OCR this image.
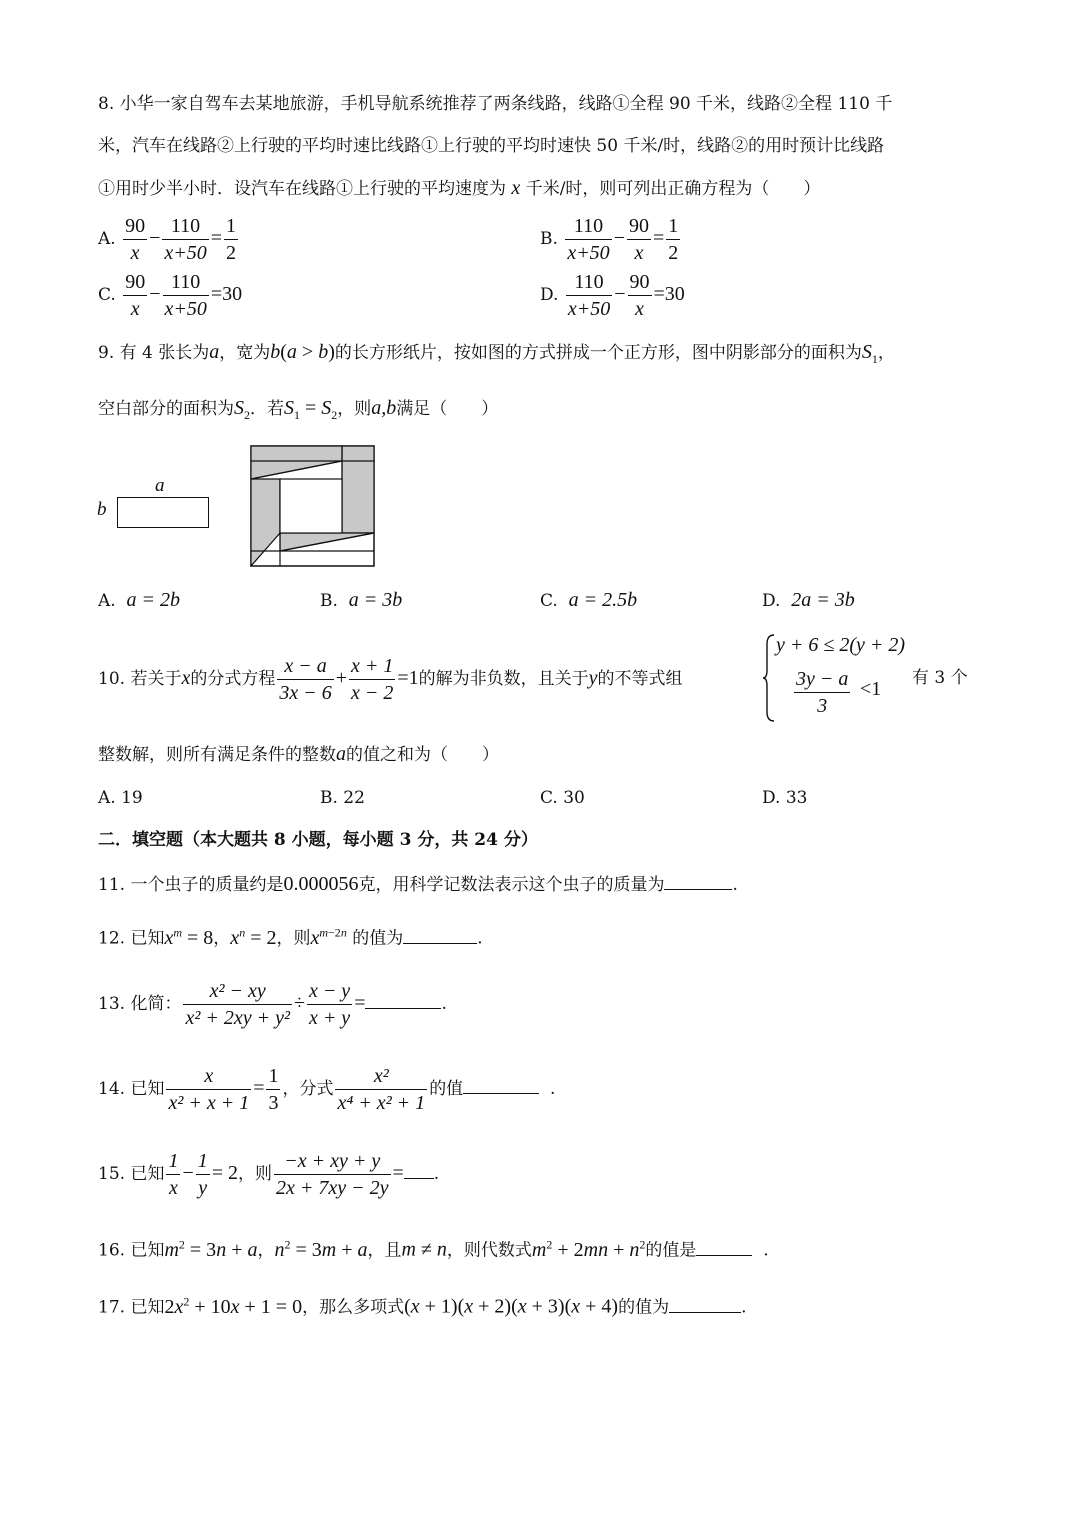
8. 小华一家自驾车去某地旅游，手机导航系统推荐了两条线路，线路①全程 90 千米，线路②全程 110 千
米，汽车在线路②上行驶的平均时速比线路①上行驶的平均时速快 50 千米/时，线路②的用时预计比线路
①用时少半小时．设汽车在线路①上行驶的平均速度为 x 千米/时，则可列出正确方程为（　　）
A. $\frac{90}{x} - \frac{110}{x+50} = \frac{1}{2}$	B. $\frac{110}{x+50} - \frac{90}{x} = \frac{1}{2}$
C. $\frac{90}{x} - \frac{110}{x+50} =30$	D. $\frac{110}{x+50} - \frac{90}{x} =30$
9. 有 4 张长为a，宽为b(a > b)的长方形纸片，按如图的方式拼成一个正方形，图中阴影部分的面积为$S_1$，
空白部分的面积为$S_2$．若$S_1 = S_2$，则a,b满足（　　）
a
b
A. a = 2b	B. a = 3b	C. a = 2.5b	D. 2a = 3b
10. 若关于x的分式方程 $\frac{x - a}{3x - 6} + \frac{x + 1}{x - 2} =1$的解为非负数，且关于y的不等式组
y + 6 ≤ 2(y + 2)
$\frac{3y - a}{3} <1$ 有 3 个
整数解，则所有满足条件的整数a的值之和为（　　）
A. 19	B. 22	C. 30	D. 33
二．填空题（本大题共 8 小题，每小题 3 分，共 24 分）
11. 一个虫子的质量约是0.000056克，用科学记数法表示这个虫子的质量为	.
12. 已知$x^m = 8$，$x^n = 2$，则$x^{m-2n}$ 的值为	.
13. 化简： $\frac{\text{x² − xy}}{\text{x² + 2xy + y²}} \div \frac{x - y}{x + y}$ =	.
14. 已知 $\frac{x}{\text{x² + x + 1}} = \frac{1}{3}$ ，分式 $\frac{\text{x²}}{\text{x⁴ + x² + 1}}$ 的值	.
15. 已知 $\frac{1}{x} - \frac{1}{y} = 2$，则 $\frac{-x + xy + y}{2x + 7xy - 2y}$ = .
16. 已知$m^2 = 3n + a$，$n^2 = 3m + a$，且m ≠ n，则代数式$m^2 + 2mn + n^2$的值是	.
17. 已知$2x^2 + 10x + 1 = 0$，那么多项式(x + 1)(x + 2)(x + 3)(x + 4)的值为	.
